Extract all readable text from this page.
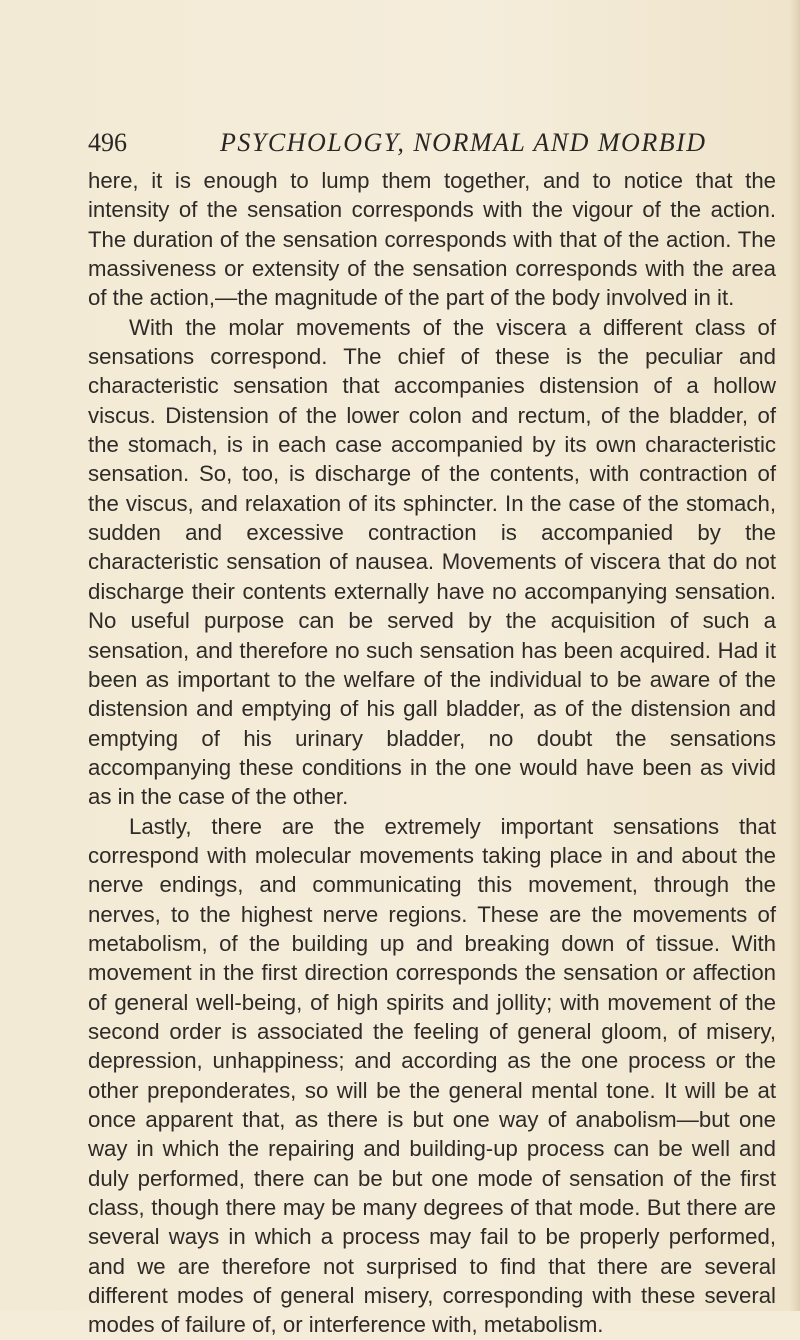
496	PSYCHOLOGY, NORMAL AND MORBID

here, it is enough to lump them together, and to notice that the intensity of the sensation corresponds with the vigour of the action. The duration of the sensation corresponds with that of the action. The massiveness or extensity of the sensation corresponds with the area of the action,—the magnitude of the part of the body involved in it.

With the molar movements of the viscera a different class of sensations correspond. The chief of these is the peculiar and characteristic sensation that accompanies distension of a hollow viscus. Distension of the lower colon and rectum, of the bladder, of the stomach, is in each case accompanied by its own characteristic sensation. So, too, is discharge of the contents, with contraction of the viscus, and relaxation of its sphincter. In the case of the stomach, sudden and excessive contraction is accompanied by the characteristic sensation of nausea. Movements of viscera that do not discharge their contents externally have no accompanying sensation. No useful purpose can be served by the acquisition of such a sensation, and therefore no such sensation has been acquired. Had it been as important to the welfare of the individual to be aware of the distension and emptying of his gall bladder, as of the distension and emptying of his urinary bladder, no doubt the sensations accompanying these conditions in the one would have been as vivid as in the case of the other.

Lastly, there are the extremely important sensations that correspond with molecular movements taking place in and about the nerve endings, and communicating this movement, through the nerves, to the highest nerve regions. These are the movements of metabolism, of the building up and breaking down of tissue. With movement in the first direction corresponds the sensation or affection of general well-being, of high spirits and jollity; with movement of the second order is associated the feeling of general gloom, of misery, depression, unhappiness; and according as the one process or the other preponderates, so will be the general mental tone. It will be at once apparent that, as there is but one way of anabolism—but one way in which the repairing and building-up process can be well and duly performed, there can be but one mode of sensation of the first class, though there may be many degrees of that mode. But there are several ways in which a process may fail to be properly performed, and we are therefore not surprised to find that there are several different modes of general misery, corresponding with these several modes of failure of, or interference with, metabolism.
